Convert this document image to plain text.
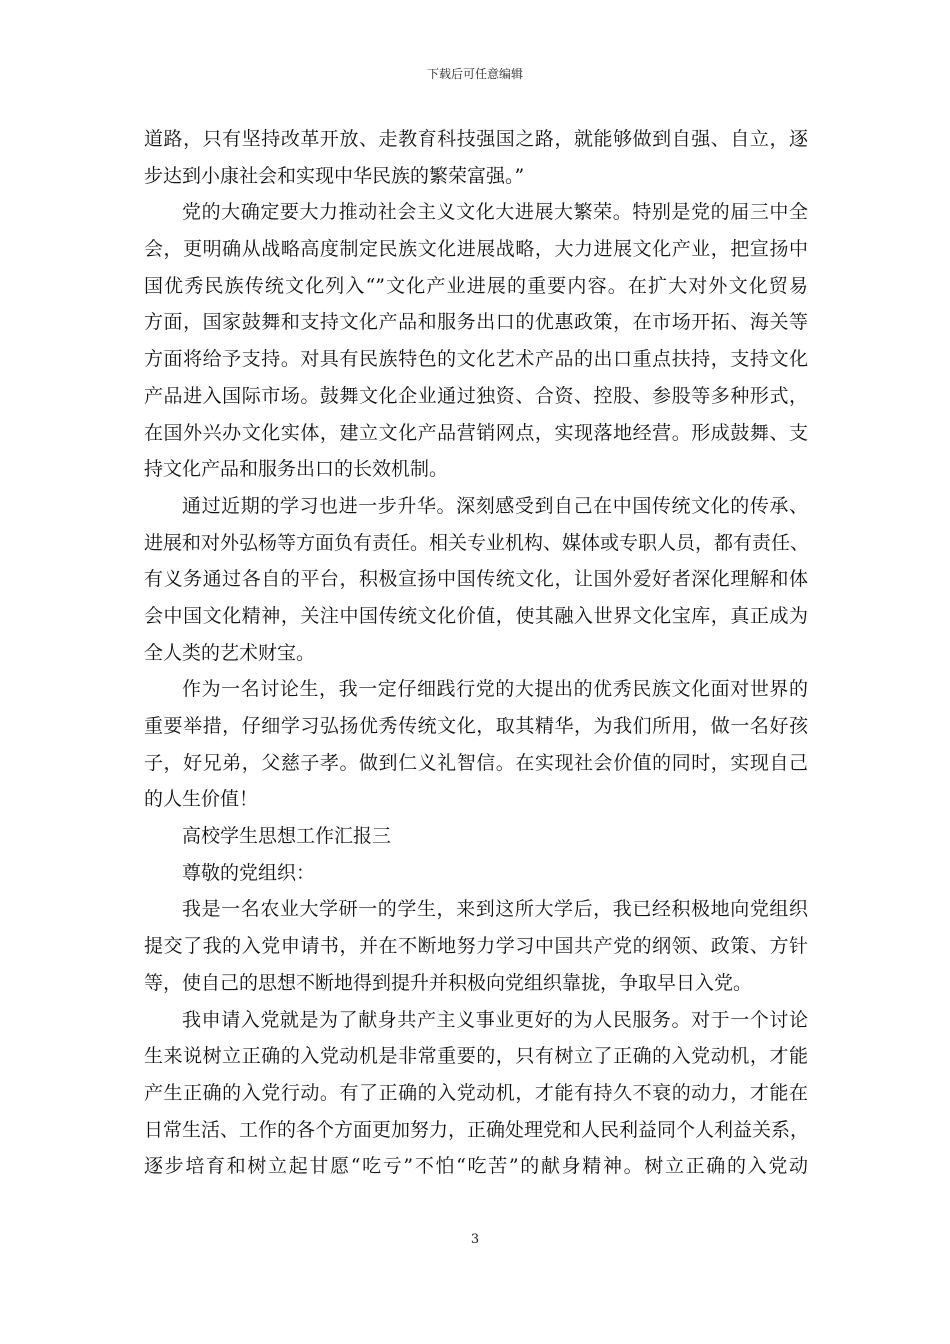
下载后可任意编辑
道路，只有坚持改革开放、走教育科技强国之路，就能够做到自强、自立，逐
步达到小康社会和实现中华民族的繁荣富强。”
党的大确定要大力推动社会主义文化大进展大繁荣。特别是党的届三中全
会，更明确从战略高度制定民族文化进展战略，大力进展文化产业，把宣扬中
国优秀民族传统文化列入“”文化产业进展的重要内容。在扩大对外文化贸易
方面，国家鼓舞和支持文化产品和服务出口的优惠政策，在市场开拓、海关等
方面将给予支持。对具有民族特色的文化艺术产品的出口重点扶持，支持文化
产品进入国际市场。鼓舞文化企业通过独资、合资、控股、参股等多种形式，
在国外兴办文化实体，建立文化产品营销网点，实现落地经营。形成鼓舞、支
持文化产品和服务出口的长效机制。
通过近期的学习也进一步升华。深刻感受到自己在中国传统文化的传承、
进展和对外弘杨等方面负有责任。相关专业机构、媒体或专职人员，都有责任、
有义务通过各自的平台，积极宣扬中国传统文化，让国外爱好者深化理解和体
会中国文化精神，关注中国传统文化价值，使其融入世界文化宝库，真正成为
全人类的艺术财宝。
作为一名讨论生，我一定仔细践行党的大提出的优秀民族文化面对世界的
重要举措，仔细学习弘扬优秀传统文化，取其精华，为我们所用，做一名好孩
子，好兄弟，父慈子孝。做到仁义礼智信。在实现社会价值的同时，实现自己
的人生价值！
高校学生思想工作汇报三
尊敬的党组织：
我是一名农业大学研一的学生，来到这所大学后，我已经积极地向党组织
提交了我的入党申请书，并在不断地努力学习中国共产党的纲领、政策、方针
等，使自己的思想不断地得到提升并积极向党组织靠拢，争取早日入党。
我申请入党就是为了献身共产主义事业更好的为人民服务。对于一个讨论
生来说树立正确的入党动机是非常重要的，只有树立了正确的入党动机，才能
产生正确的入党行动。有了正确的入党动机，才能有持久不衰的动力，才能在
日常生活、工作的各个方面更加努力，正确处理党和人民利益同个人利益关系，
逐步培育和树立起甘愿“吃亏”不怕“吃苦”的献身精神。树立正确的入党动
3
